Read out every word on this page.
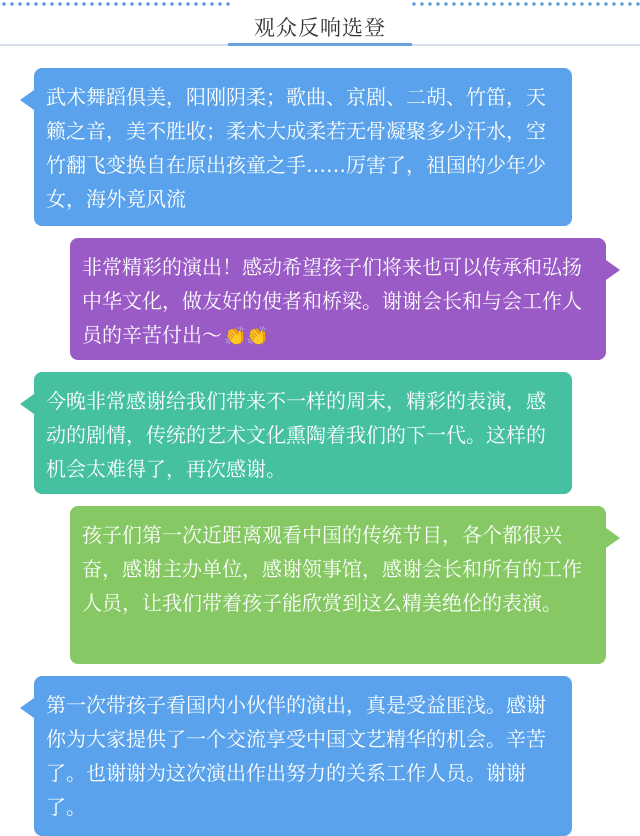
观众反响选登
武术舞蹈俱美，阳刚阴柔；歌曲、京剧、二胡、竹笛，天籁之音，美不胜收；柔术大成柔若无骨凝聚多少汗水，空竹翻飞变换自在原出孩童之手……厉害了，祖国的少年少女，海外竟风流
非常精彩的演出！感动希望孩子们将来也可以传承和弘扬中华文化，做友好的使者和桥梁。谢谢会长和与会工作人员的辛苦付出～ 👏👏
今晚非常感谢给我们带来不一样的周末，精彩的表演，感动的剧情，传统的艺术文化熏陶着我们的下一代。这样的机会太难得了，再次感谢。
孩子们第一次近距离观看中国的传统节目，各个都很兴奋，感谢主办单位，感谢领事馆，感谢会长和所有的工作人员，让我们带着孩子能欣赏到这么精美绝伦的表演。
第一次带孩子看国内小伙伴的演出，真是受益匪浅。感谢你为大家提供了一个交流享受中国文艺精华的机会。辛苦了。也谢谢为这次演出作出努力的关系工作人员。谢谢了。
